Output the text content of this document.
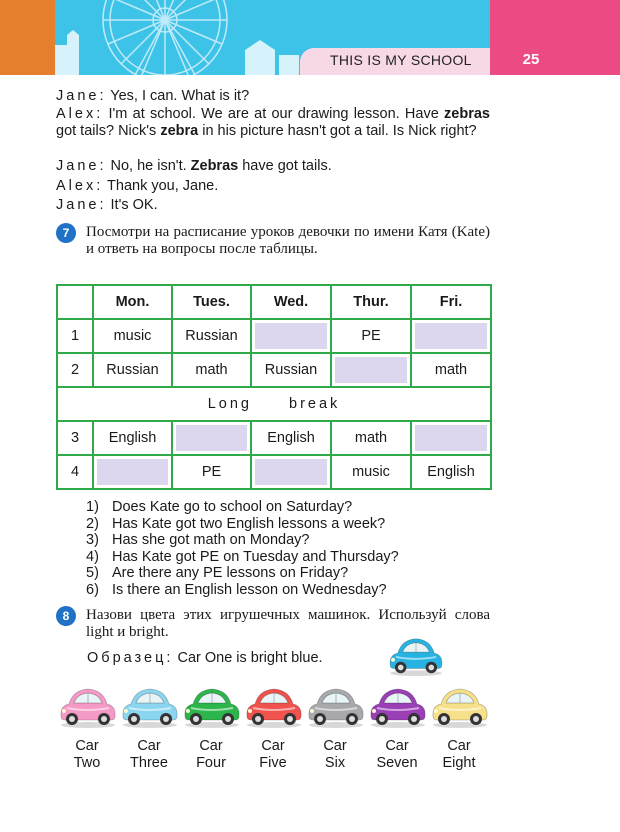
THIS IS MY SCHOOL	25
Jane: Yes, I can. What is it?
Alex: I'm at school. We are at our drawing lesson. Have zebras got tails? Nick's zebra in his picture hasn't got a tail. Is Nick right?
Jane: No, he isn't. Zebras have got tails.
Alex: Thank you, Jane.
Jane: It's OK.
7	Посмотри на расписание уроков девочки по имени Катя (Kate) и ответь на вопросы после таблицы.
	Mon.	Tues.	Wed.	Thur.	Fri.
1	music	Russian		PE	
2	Russian	math	Russian		math
Long break					
3	English		English	math	
4		PE		music	English
1) Does Kate go to school on Saturday?
2) Has Kate got two English lessons a week?
3) Has she got math on Monday?
4) Has Kate got PE on Tuesday and Thursday?
5) Are there any PE lessons on Friday?
6) Is there an English lesson on Wednesday?
8	Назови цвета этих игрушечных машинок. Используй слова light и bright.
Образец: Car One is bright blue.
Car
Two
Car
Three
Car
Four
Car
Five
Car
Six
Car
Seven
Car
Eight
